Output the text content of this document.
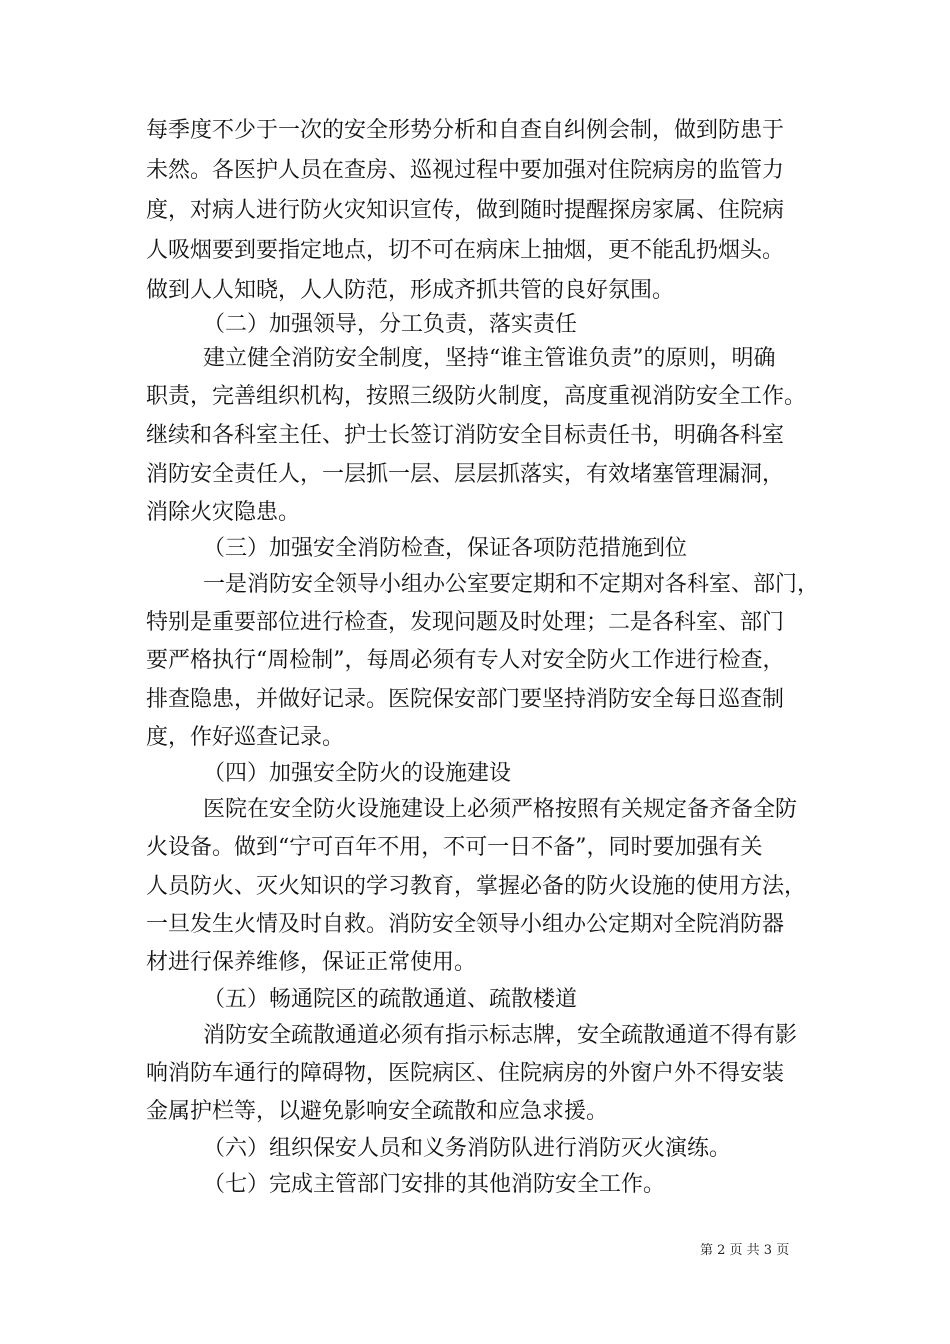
每季度不少于一次的安全形势分析和自查自纠例会制，做到防患于
未然。各医护人员在查房、巡视过程中要加强对住院病房的监管力
度，对病人进行防火灾知识宣传，做到随时提醒探房家属、住院病
人吸烟要到要指定地点，切不可在病床上抽烟，更不能乱扔烟头。
做到人人知晓，人人防范，形成齐抓共管的良好氛围。
（二）加强领导，分工负责，落实责任
建立健全消防安全制度，坚持“谁主管谁负责”的原则，明确
职责，完善组织机构，按照三级防火制度，高度重视消防安全工作。
继续和各科室主任、护士长签订消防安全目标责任书，明确各科室
消防安全责任人，一层抓一层、层层抓落实，有效堵塞管理漏洞，
消除火灾隐患。
（三）加强安全消防检查，保证各项防范措施到位
一是消防安全领导小组办公室要定期和不定期对各科室、部门，
特别是重要部位进行检查，发现问题及时处理；二是各科室、部门
要严格执行“周检制”，每周必须有专人对安全防火工作进行检查，
排查隐患，并做好记录。医院保安部门要坚持消防安全每日巡查制
度，作好巡查记录。
（四）加强安全防火的设施建设
医院在安全防火设施建设上必须严格按照有关规定备齐备全防
火设备。做到“宁可百年不用，不可一日不备”，同时要加强有关
人员防火、灭火知识的学习教育，掌握必备的防火设施的使用方法，
一旦发生火情及时自救。消防安全领导小组办公定期对全院消防器
材进行保养维修，保证正常使用。
（五）畅通院区的疏散通道、疏散楼道
消防安全疏散通道必须有指示标志牌，安全疏散通道不得有影
响消防车通行的障碍物，医院病区、住院病房的外窗户外不得安装
金属护栏等，以避免影响安全疏散和应急求援。
（六）组织保安人员和义务消防队进行消防灭火演练。
（七）完成主管部门安排的其他消防安全工作。
第 2 页 共 3 页
